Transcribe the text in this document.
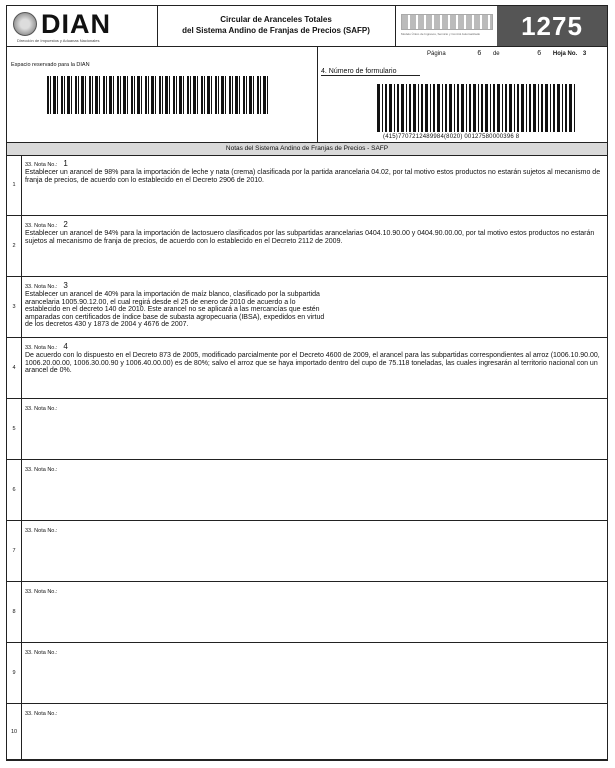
DIAN
Dirección de Impuestos y Aduanas Nacionales
Circular de Aranceles Totales
del Sistema Andino de Franjas de Precios (SAFP)	Modelo Único de Ingresos, Servicio y Control Automatizado	1275
Espacio reservado para la DIAN
Página	6 de	6 Hoja No. 3
4. Número de formulario
(415)7707212489984(8020) 00127580000396 8
Notas del Sistema Andino de Franjas de Precios - SAFP
1
33. Nota No.: 1
Establecer un arancel de 98% para la importación de leche y nata (crema) clasificada por la partida arancelaria 04.02, por tal motivo estos productos no estarán sujetos al mecanismo de franja de precios, de acuerdo con lo establecido en el Decreto 2906 de 2010.
2
33. Nota No.: 2
Establecer un arancel de 94% para la importación de lactosuero clasificados por las subpartidas arancelarias 0404.10.90.00 y 0404.90.00.00, por tal motivo estos productos no estarán sujetos al mecanismo de franja de precios, de acuerdo con lo establecido en el Decreto 2112 de 2009.
3
33. Nota No.: 3
Establecer un arancel de 40% para la importación de maíz blanco, clasificado por la subpartida arancelaria 1005.90.12.00, el cual regirá desde el 25 de enero de 2010 de acuerdo a lo establecido en el decreto 140 de 2010. Este arancel no se aplicará a las mercancías que estén amparadas con certificados de índice base de subasta agropecuaria (IBSA), expedidos en virtud de los decretos 430 y 1873 de 2004 y 4676 de 2007.
4
33. Nota No.: 4
De acuerdo con lo dispuesto en el Decreto 873 de 2005, modificado parcialmente por el Decreto 4600 de 2009, el arancel para las subpartidas correspondientes al arroz (1006.10.90.00, 1006.20.00.00, 1006.30.00.90 y 1006.40.00.00) es de 80%; salvo el arroz que se haya importado dentro del cupo de 75.118 toneladas, las cuales ingresarán al territorio nacional con un arancel de 0%.
5
33. Nota No.:
6
33. Nota No.:
7
33. Nota No.:
8
33. Nota No.:
9
33. Nota No.:
10
33. Nota No.:
